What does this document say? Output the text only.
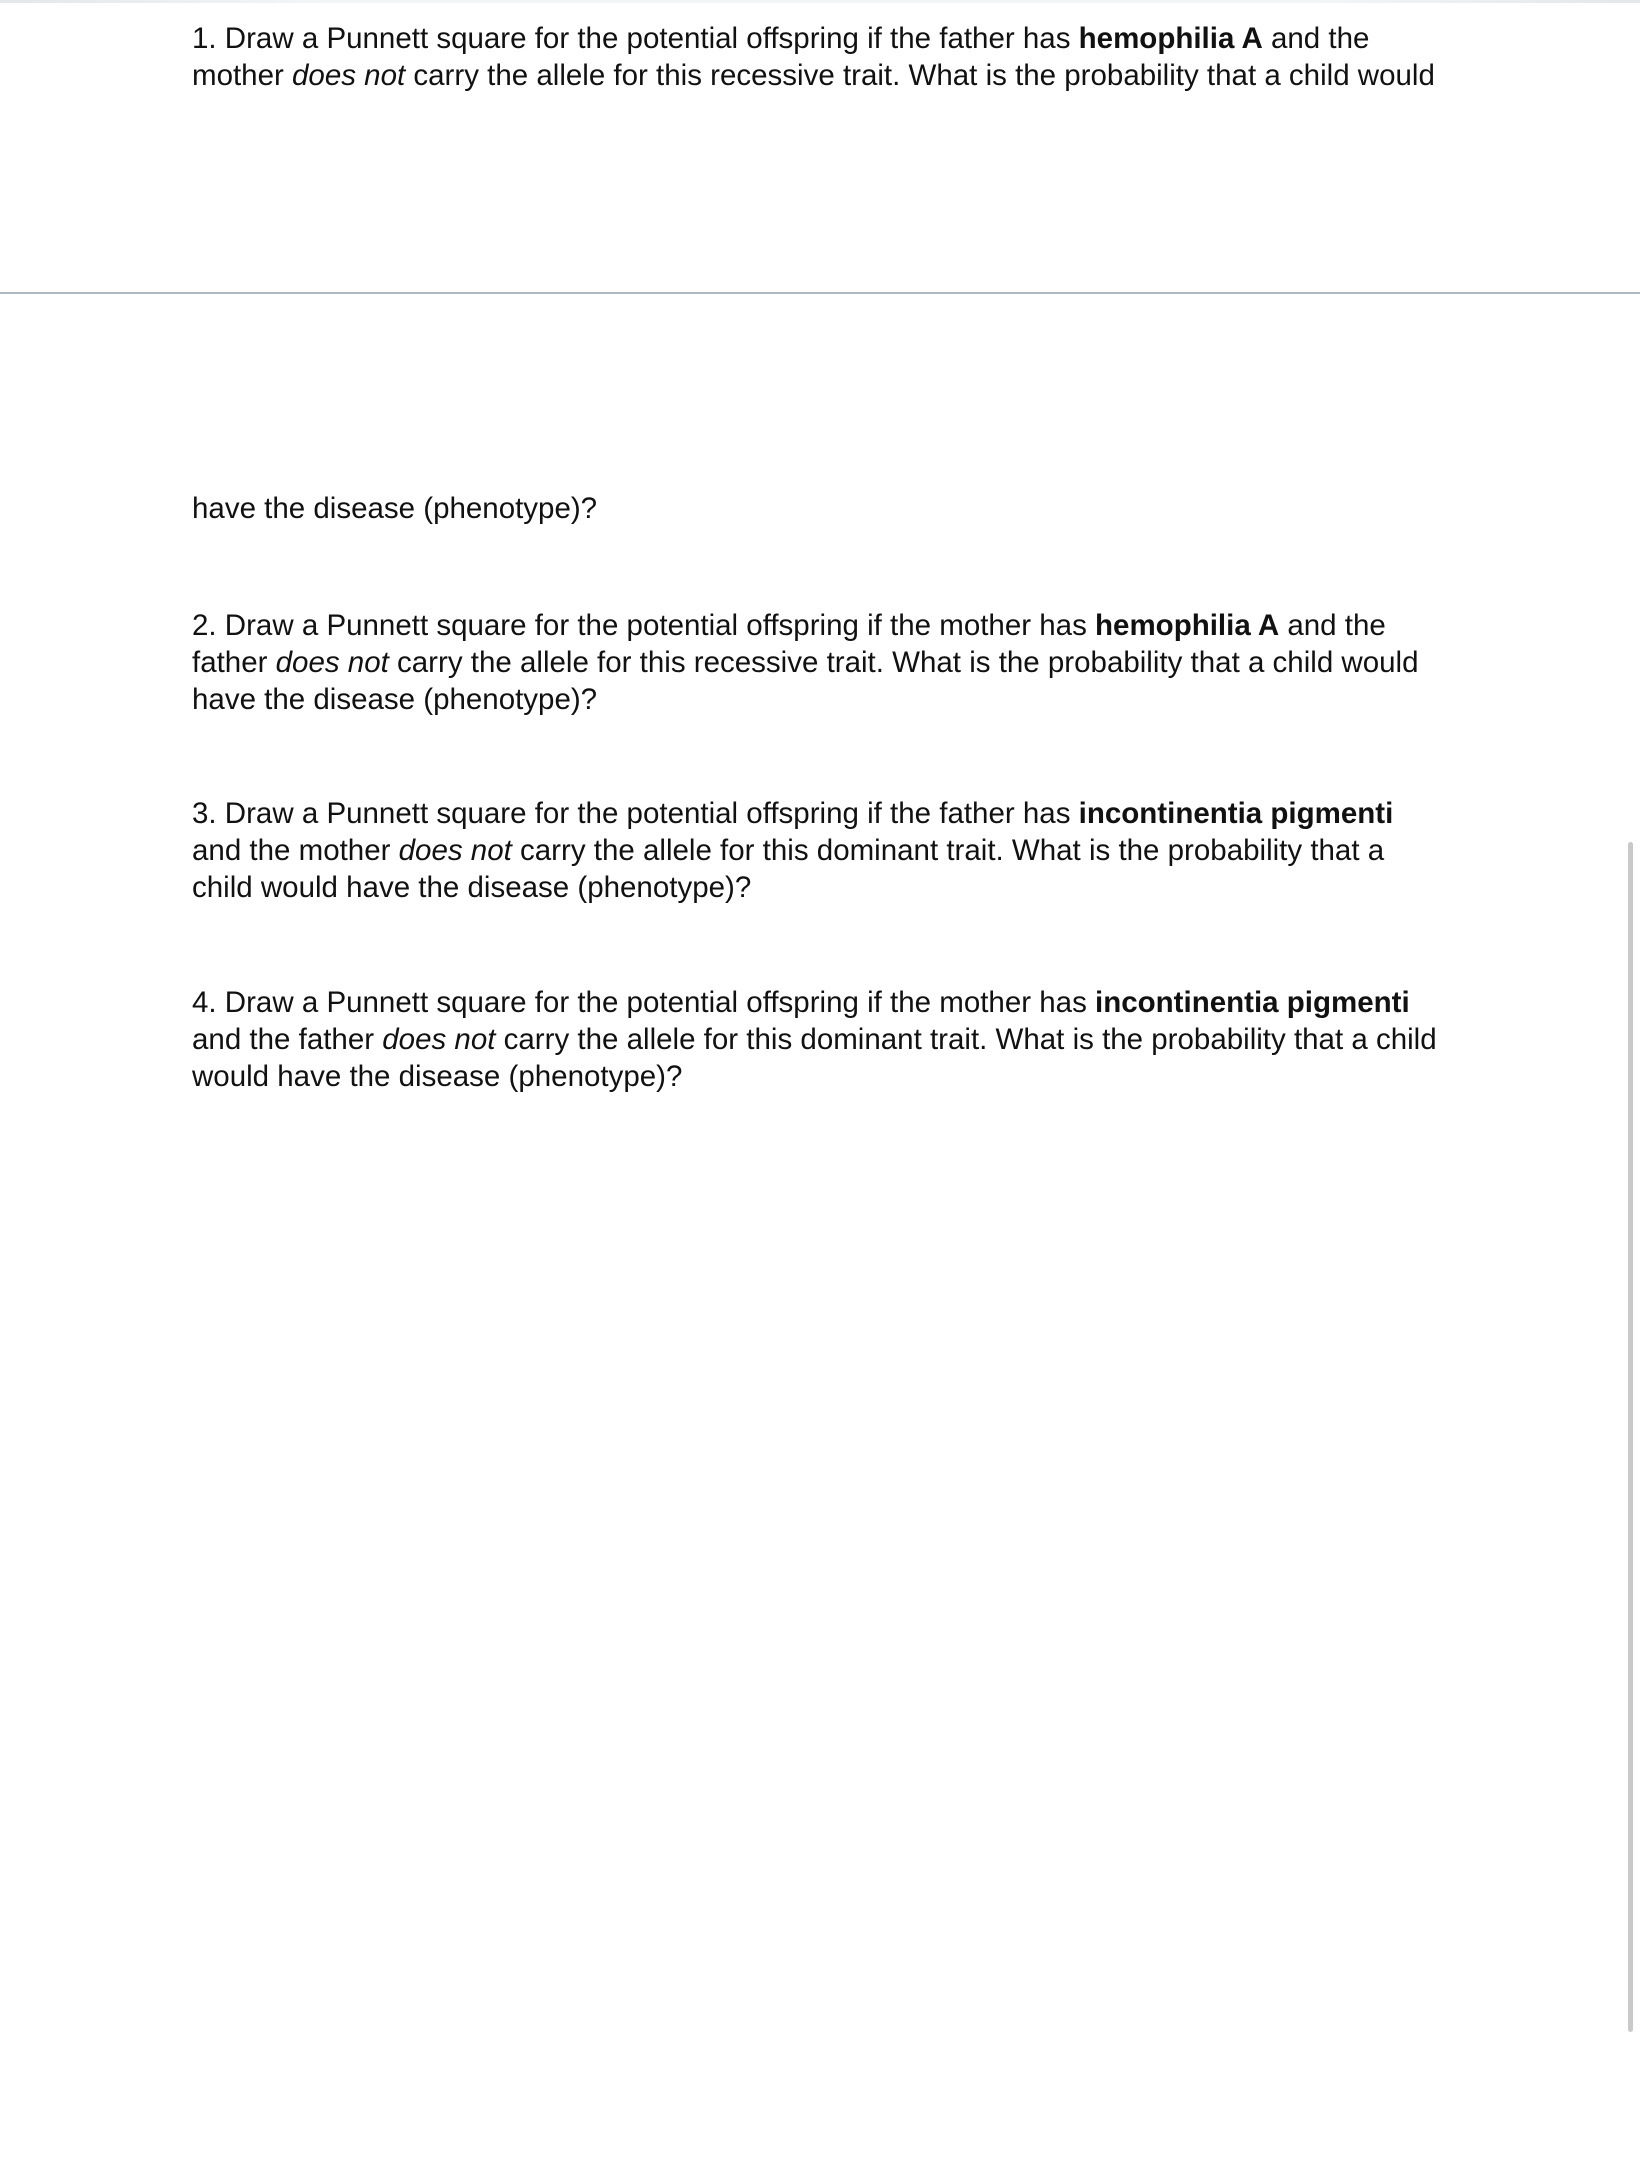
1. Draw a Punnett square for the potential offspring if the father has hemophilia A and the
mother does not carry the allele for this recessive trait. What is the probability that a child would
have the disease (phenotype)?
2. Draw a Punnett square for the potential offspring if the mother has hemophilia A and the
father does not carry the allele for this recessive trait. What is the probability that a child would
have the disease (phenotype)?
3. Draw a Punnett square for the potential offspring if the father has incontinentia pigmenti
and the mother does not carry the allele for this dominant trait. What is the probability that a
child would have the disease (phenotype)?
4. Draw a Punnett square for the potential offspring if the mother has incontinentia pigmenti
and the father does not carry the allele for this dominant trait. What is the probability that a child
would have the disease (phenotype)?
